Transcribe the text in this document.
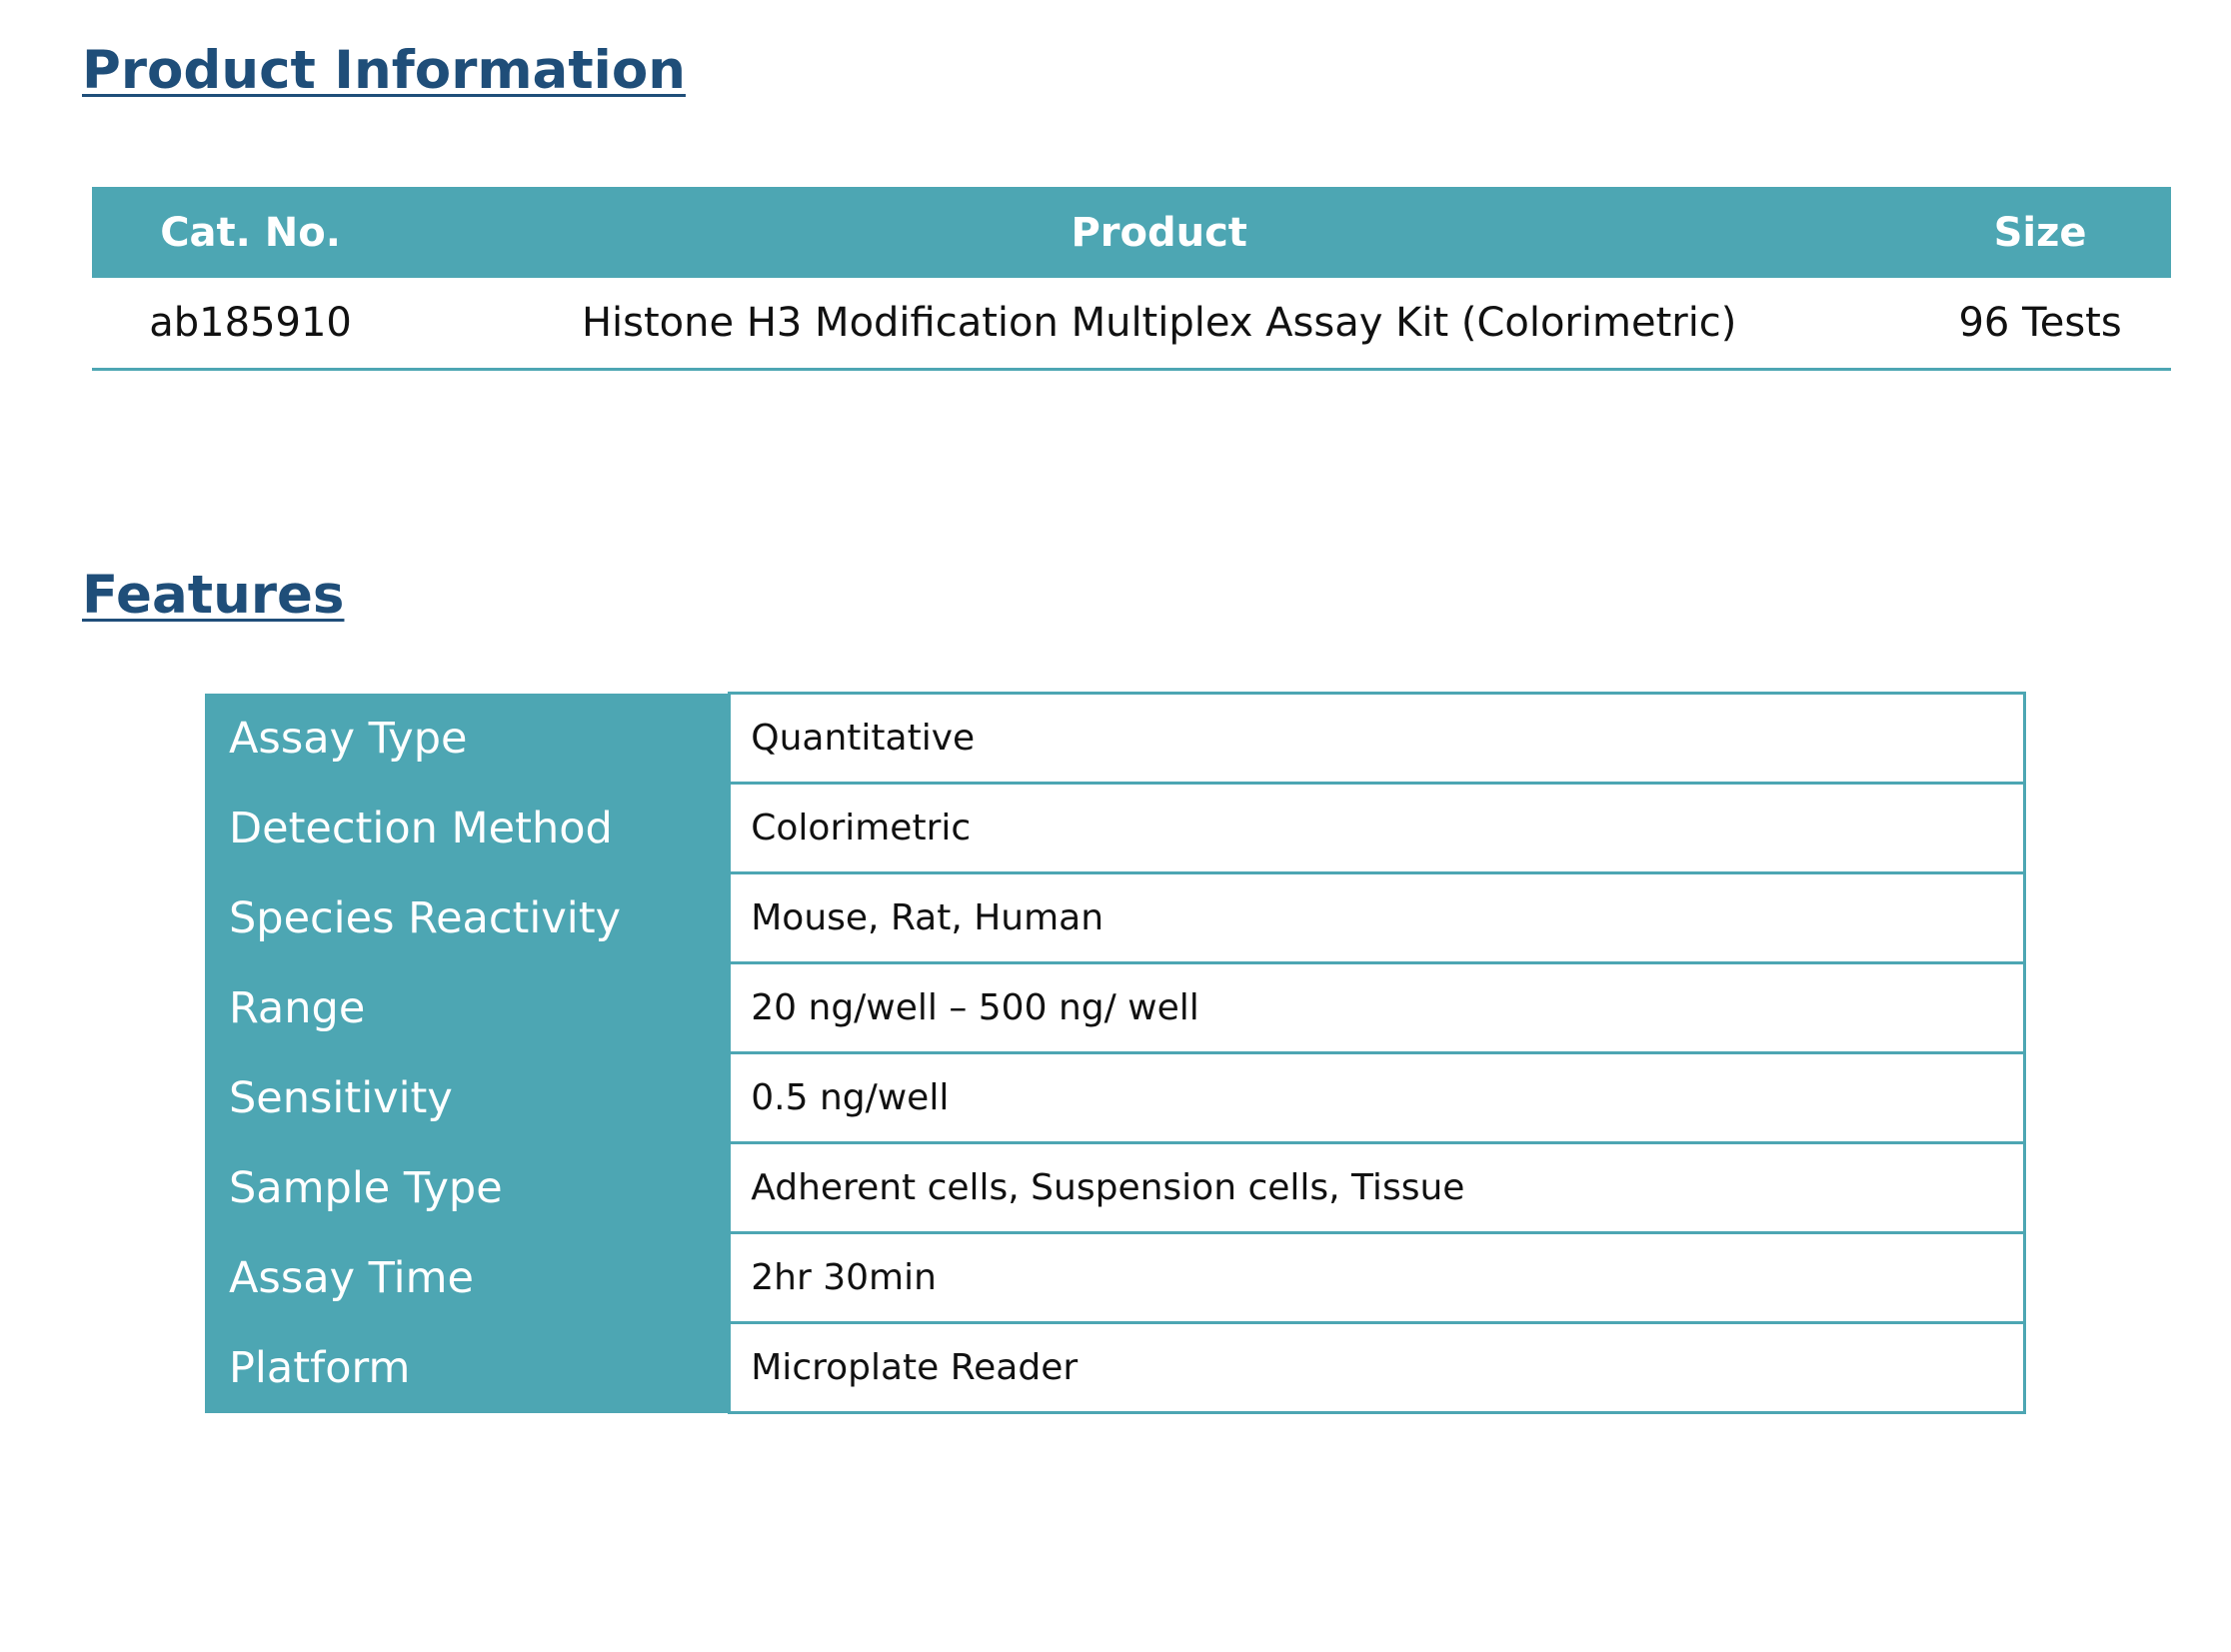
Product Information
Cat. No.	Product	Size
ab185910	Histone H3 Modification Multiplex Assay Kit (Colorimetric)	96 Tests
Features
Assay Type	Quantitative
Detection Method	Colorimetric
Species Reactivity	Mouse, Rat, Human
Range	20 ng/well – 500 ng/ well
Sensitivity	0.5 ng/well
Sample Type	Adherent cells, Suspension cells, Tissue
Assay Time	2hr 30min
Platform	Microplate Reader
